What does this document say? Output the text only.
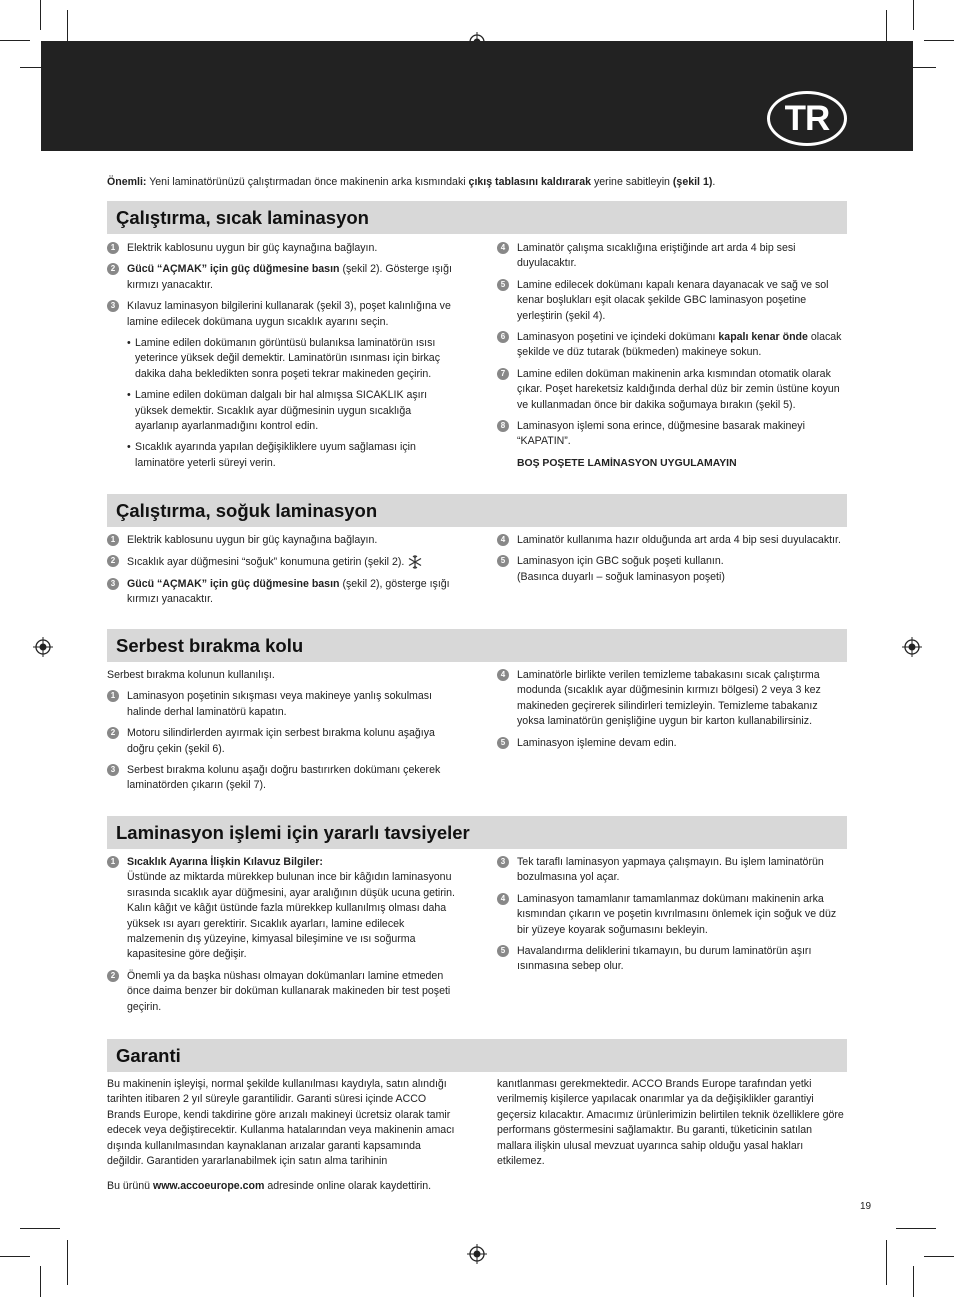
TR
Önemli: Yeni laminatörünüzü çalıştırmadan önce makinenin arka kısmındaki çıkış tablasını kaldırarak yerine sabitleyin (şekil 1).
Çalıştırma, sıcak laminasyon
1	Elektrik kablosunu uygun bir güç kaynağına bağlayın.
2	Gücü “AÇMAK” için güç düğmesine basın (şekil 2). Gösterge ışığı kırmızı yanacaktır.
3	Kılavuz laminasyon bilgilerini kullanarak (şekil 3), poşet kalınlığına ve lamine edilecek dokümana uygun sıcaklık ayarını seçin.
• Lamine edilen dokümanın görüntüsü bulanıksa laminatörün ısısı yeterince yüksek değil demektir. Laminatörün ısınması için birkaç dakika daha bekledikten sonra poşeti tekrar makineden geçirin.
• Lamine edilen doküman dalgalı bir hal almışsa SICAKLIK aşırı yüksek demektir. Sıcaklık ayar düğmesinin uygun sıcaklığa ayarlanıp ayarlanmadığını kontrol edin.
• Sıcaklık ayarında yapılan değişikliklere uyum sağlaması için laminatöre yeterli süreyi verin.
4	Laminatör çalışma sıcaklığına eriştiğinde art arda 4 bip sesi duyulacaktır.
5	Lamine edilecek dokümanı kapalı kenara dayanacak ve sağ ve sol kenar boşlukları eşit olacak şekilde GBC laminasyon poşetine yerleştirin (şekil 4).
6	Laminasyon poşetini ve içindeki dokümanı kapalı kenar önde olacak şekilde ve düz tutarak (bükmeden) makineye sokun.
7	Lamine edilen doküman makinenin arka kısmından otomatik olarak çıkar. Poşet hareketsiz kaldığında derhal düz bir zemin üstüne koyun ve kullanmadan önce bir dakika soğumaya bırakın (şekil 5).
8	Laminasyon işlemi sona erince, düğmesine basarak makineyi “KAPATIN”.
BOŞ POŞETE LAMİNASYON UYGULAMAYIN
Çalıştırma, soğuk laminasyon
1	Elektrik kablosunu uygun bir güç kaynağına bağlayın.
2	Sıcaklık ayar düğmesini “soğuk” konumuna getirin (şekil 2).
3	Gücü “AÇMAK” için güç düğmesine basın (şekil 2), gösterge ışığı kırmızı yanacaktır.
4	Laminatör kullanıma hazır olduğunda art arda 4 bip sesi duyulacaktır.
5	Laminasyon için GBC soğuk poşeti kullanın.
(Basınca duyarlı – soğuk laminasyon poşeti)
Serbest bırakma kolu

Serbest bırakma kolunun kullanılışı.

1	Laminasyon poşetinin sıkışması veya makineye yanlış sokulması halinde derhal laminatörü kapatın.
2	Motoru silindirlerden ayırmak için serbest bırakma kolunu aşağıya doğru çekin (şekil 6).
3	Serbest bırakma kolunu aşağı doğru bastırırken dokümanı çekerek laminatörden çıkarın (şekil 7).
4	Laminatörle birlikte verilen temizleme tabakasını sıcak çalıştırma modunda (sıcaklık ayar düğmesinin kırmızı bölgesi) 2 veya 3 kez makineden geçirerek silindirleri temizleyin. Temizleme tabakanız yoksa laminatörün genişliğine uygun bir karton kullanabilirsiniz.
5	Laminasyon işlemine devam edin.
Laminasyon işlemi için yararlı tavsiyeler
1	Sıcaklık Ayarına İlişkin Kılavuz Bilgiler:
Üstünde az miktarda mürekkep bulunan ince bir kâğıdın laminasyonu sırasında sıcaklık ayar düğmesini, ayar aralığının düşük ucuna getirin. Kalın kâğıt ve kâğıt üstünde fazla mürekkep kullanılmış olması daha yüksek ısı ayarı gerektirir. Sıcaklık ayarları, lamine edilecek malzemenin dış yüzeyine, kimyasal bileşimine ve ısı soğurma kapasitesine göre değişir.
2	Önemli ya da başka nüshası olmayan dokümanları lamine etmeden önce daima benzer bir doküman kullanarak makineden bir test poşeti geçirin.
3	Tek taraflı laminasyon yapmaya çalışmayın. Bu işlem laminatörün bozulmasına yol açar.
4	Laminasyon tamamlanır tamamlanmaz dokümanı makinenin arka kısmından çıkarın ve poşetin kıvrılmasını önlemek için soğuk ve düz bir yüzeye koyarak soğumasını bekleyin.
5	Havalandırma deliklerini tıkamayın, bu durum laminatörün aşırı ısınmasına sebep olur.
Garanti

Bu makinenin işleyişi, normal şekilde kullanılması kaydıyla, satın alındığı tarihten itibaren 2 yıl süreyle garantilidir. Garanti süresi içinde ACCO Brands Europe, kendi takdirine göre arızalı makineyi ücretsiz olarak tamir edecek veya değiştirecektir. Kullanma hatalarından veya makinenin amacı dışında kullanılmasından kaynaklanan arızalar garanti kapsamında değildir. Garantiden yararlanabilmek için satın alma tarihinin

Bu ürünü www.accoeurope.com adresinde online olarak kaydettirin.

kanıtlanması gerekmektedir. ACCO Brands Europe tarafından yetki verilmemiş kişilerce yapılacak onarımlar ya da değişiklikler garantiyi geçersiz kılacaktır. Amacımız ürünlerimizin belirtilen teknik özelliklere göre performans göstermesini sağlamaktır. Bu garanti, tüketicinin satılan mallara ilişkin ulusal mevzuat uyarınca sahip olduğu yasal hakları etkilemez.

19
